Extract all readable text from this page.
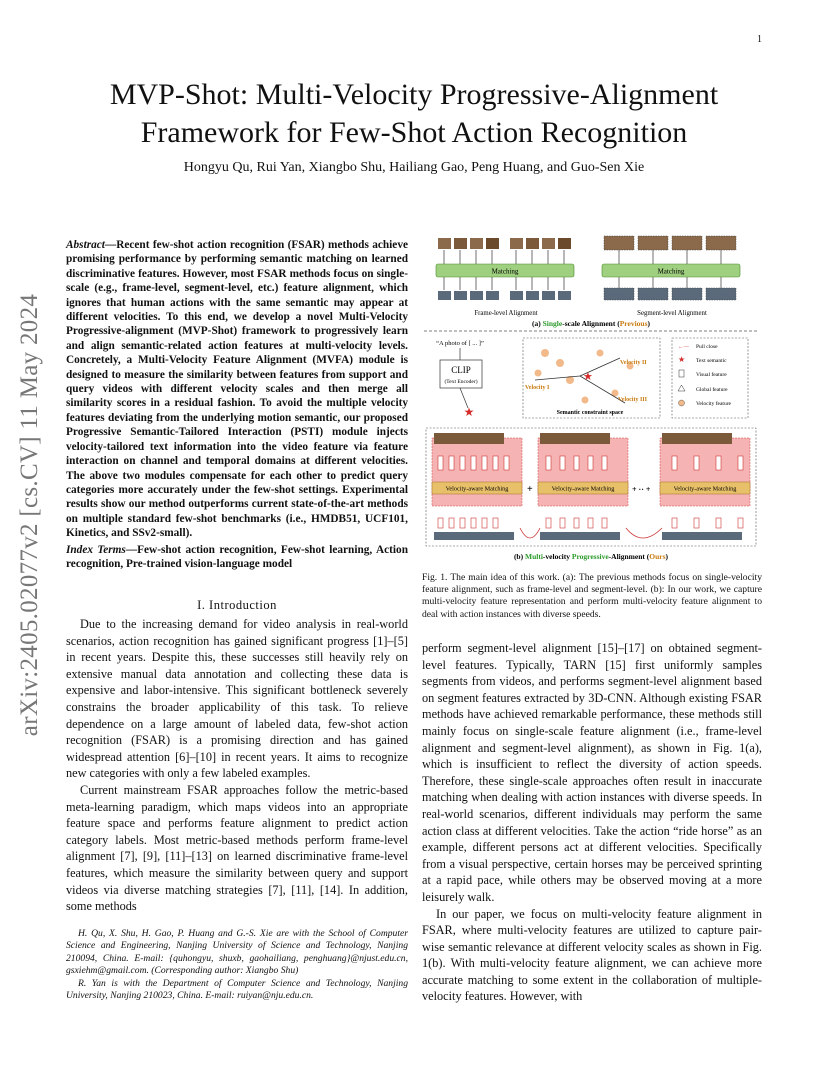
1
arXiv:2405.02077v2 [cs.CV] 11 May 2024
MVP-Shot: Multi-Velocity Progressive-Alignment
Framework for Few-Shot Action Recognition
Hongyu Qu, Rui Yan, Xiangbo Shu, Hailiang Gao, Peng Huang, and Guo-Sen Xie
Abstract—Recent few-shot action recognition (FSAR) methods achieve promising performance by performing semantic matching on learned discriminative features. However, most FSAR methods focus on single-scale (e.g., frame-level, segment-level, etc.) feature alignment, which ignores that human actions with the same semantic may appear at different velocities. To this end, we develop a novel Multi-Velocity Progressive-alignment (MVP-Shot) framework to progressively learn and align semantic-related action features at multi-velocity levels. Concretely, a Multi-Velocity Feature Alignment (MVFA) module is designed to measure the similarity between features from support and query videos with different velocity scales and then merge all similarity scores in a residual fashion. To avoid the multiple velocity features deviating from the underlying motion semantic, our proposed Progressive Semantic-Tailored Interaction (PSTI) module injects velocity-tailored text information into the video feature via feature interaction on channel and temporal domains at different velocities. The above two modules compensate for each other to predict query categories more accurately under the few-shot settings. Experimental results show our method outperforms current state-of-the-art methods on multiple standard few-shot benchmarks (i.e., HMDB51, UCF101, Kinetics, and SSv2-small).
Index Terms—Few-shot action recognition, Few-shot learning, Action recognition, Pre-trained vision-language model
I. Introduction

Due to the increasing demand for video analysis in real-world scenarios, action recognition has gained significant progress [1]–[5] in recent years. Despite this, these successes still heavily rely on extensive manual data annotation and collecting these data is expensive and labor-intensive. This significant bottleneck severely constrains the broader applicability of this task. To relieve dependence on a large amount of labeled data, few-shot action recognition (FSAR) is a promising direction and has gained widespread attention [6]–[10] in recent years. It aims to recognize new categories with only a few labeled examples.

Current mainstream FSAR approaches follow the metric-based meta-learning paradigm, which maps videos into an appropriate feature space and performs feature alignment to predict action category labels. Most metric-based methods perform frame-level alignment [7], [9], [11]–[13] on learned discriminative frame-level features, which measure the similarity between query and support videos via diverse matching strategies [7], [11], [14]. In addition, some methods

H. Qu, X. Shu, H. Gao, P. Huang and G.-S. Xie are with the School of Computer Science and Engineering, Nanjing University of Science and Technology, Nanjing 210094, China. E-mail: {quhongyu, shuxb, gaohailiang, penghuang}@njust.edu.cn, gsxiehm@gmail.com. (Corresponding author: Xiangbo Shu)

R. Yan is with the Department of Computer Science and Technology, Nanjing University, Nanjing 210023, China. E-mail: ruiyan@nju.edu.cn.

Matching
Frame-level Alignment
Matching
Segment-level Alignment
(a) Single-scale Alignment (Previous)
“A photo of [ ... ]”
CLIP
(Text Encoder)
★
★
Velocity I
Velocity II
Velocity III
Semantic constraint space
←— Pull close
★ Text semantic
Visual feature
Global feature
Velocity feature
Velocity-aware Matching +	Velocity-aware Matching + ·· +	Velocity-aware Matching
(b) Multi-velocity Progressive-Alignment (Ours)
Fig. 1. The main idea of this work. (a): The previous methods focus on single-velocity feature alignment, such as frame-level and segment-level. (b): In our work, we capture multi-velocity feature representation and perform multi-velocity feature alignment to deal with action instances with diverse speeds.

perform segment-level alignment [15]–[17] on obtained segment-level features. Typically, TARN [15] first uniformly samples segments from videos, and performs segment-level alignment based on segment features extracted by 3D-CNN. Although existing FSAR methods have achieved remarkable performance, these methods still mainly focus on single-scale feature alignment (i.e., frame-level alignment and segment-level alignment), as shown in Fig. 1(a), which is insufficient to reflect the diversity of action speeds. Therefore, these single-scale approaches often result in inaccurate matching when dealing with action instances with diverse speeds. In real-world scenarios, different individuals may perform the same action class at different velocities. Take the action “ride horse” as an example, different persons act at different velocities. Specifically from a visual perspective, certain horses may be perceived sprinting at a rapid pace, while others may be observed moving at a more leisurely walk.

In our paper, we focus on multi-velocity feature alignment in FSAR, where multi-velocity features are utilized to capture pair-wise semantic relevance at different velocity scales as shown in Fig. 1(b). With multi-velocity feature alignment, we can achieve more accurate matching to some extent in the collaboration of multiple-velocity features. However, with
